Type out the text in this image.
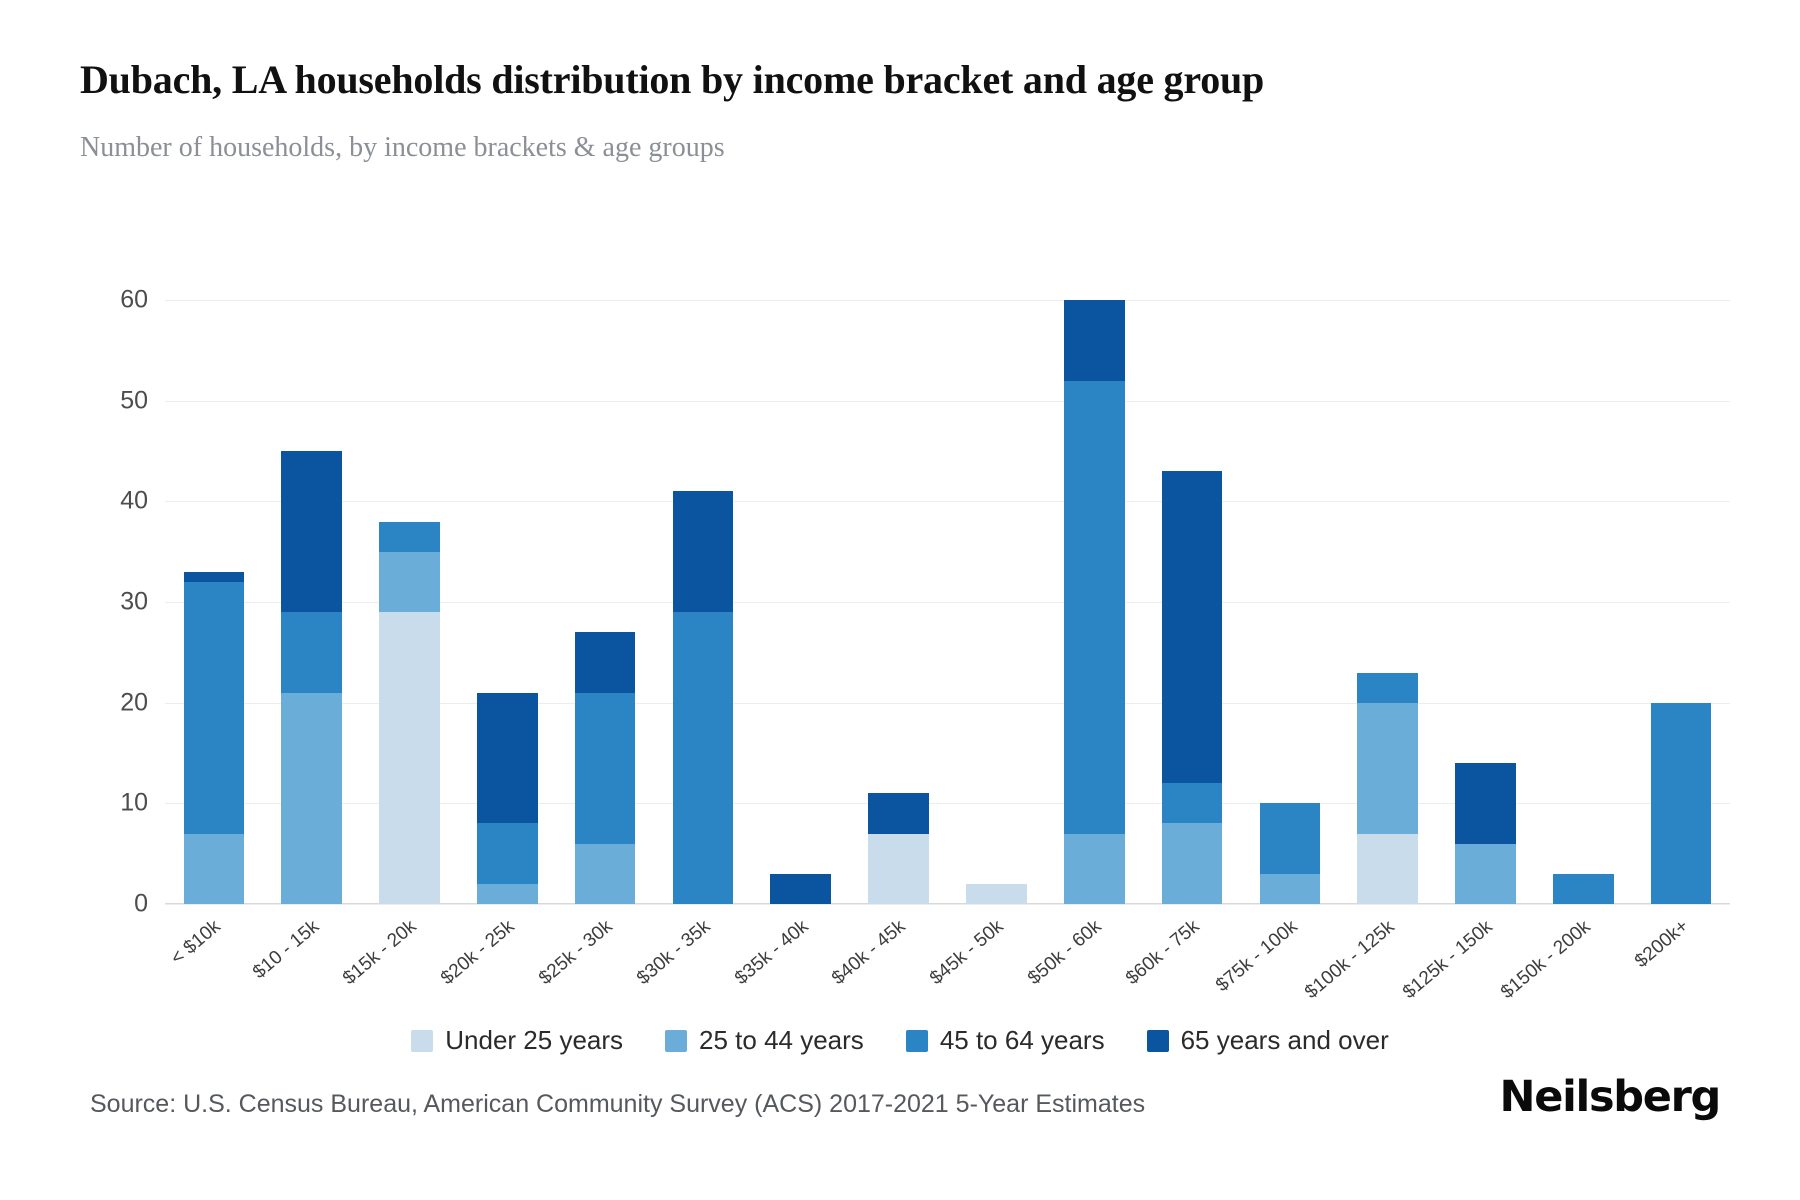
Dubach, LA households distribution by income bracket and age group
Number of households, by income brackets & age groups
0
10
20
30
40
50
60
< $10k $10 - 15k $15k - 20k $20k - 25k $25k - 30k $30k - 35k $35k - 40k $40k - 45k $45k - 50k $50k - 60k $60k - 75k $75k - 100k $100k - 125k $125k - 150k $150k - 200k $200k+
Under 25 years	25 to 44 years	45 to 64 years	65 years and over
Source: U.S. Census Bureau, American Community Survey (ACS) 2017-2021 5-Year Estimates	Neilsberg
